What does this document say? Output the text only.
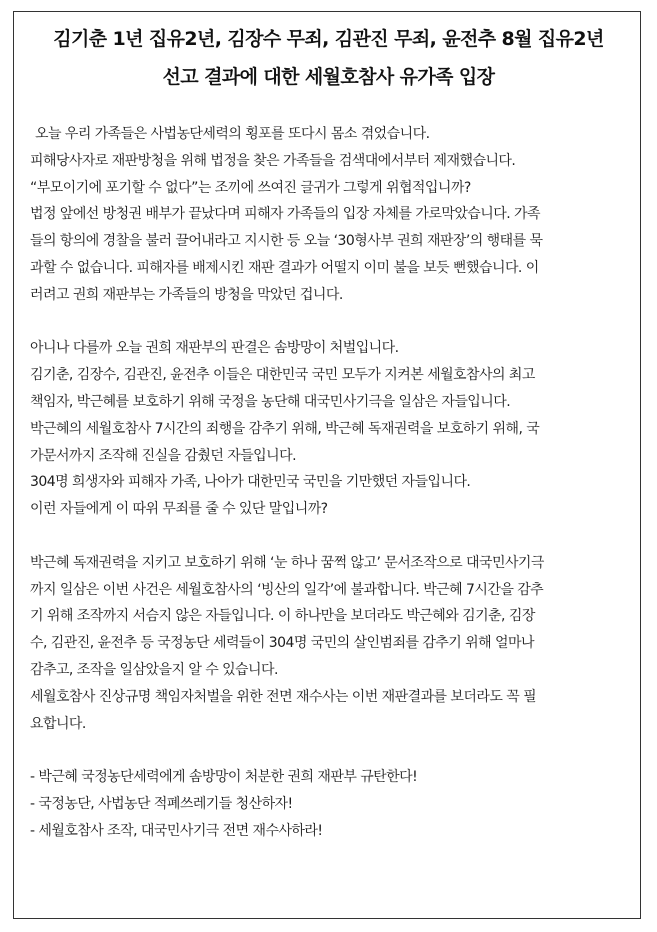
김기춘 1년 집유2년, 김장수 무죄, 김관진 무죄, 윤전추 8월 집유2년
선고 결과에 대한 세월호참사 유가족 입장
오늘 우리 가족들은 사법농단세력의 횡포를 또다시 몸소 겪었습니다.
피해당사자로 재판방청을 위해 법정을 찾은 가족들을 검색대에서부터 제재했습니다.
“부모이기에 포기할 수 없다”는 조끼에 쓰여진 글귀가 그렇게 위협적입니까?
법정 앞에선 방청권 배부가 끝났다며 피해자 가족들의 입장 자체를 가로막았습니다. 가족
들의 항의에 경찰을 불러 끌어내라고 지시한 등 오늘 ‘30형사부 권희 재판장’의 행태를 묵
과할 수 없습니다. 피해자를 배제시킨 재판 결과가 어떨지 이미 불을 보듯 뻔했습니다. 이
러려고 권희 재판부는 가족들의 방청을 막았던 겁니다.
아니나 다를까 오늘 권희 재판부의 판결은 솜방망이 처벌입니다.
김기춘, 김장수, 김관진, 윤전추 이들은 대한민국 국민 모두가 지켜본 세월호참사의 최고
책임자, 박근혜를 보호하기 위해 국정을 농단해 대국민사기극을 일삼은 자들입니다.
박근혜의 세월호참사 7시간의 죄행을 감추기 위해, 박근혜 독재권력을 보호하기 위해, 국
가문서까지 조작해 진실을 감췄던 자들입니다.
304명 희생자와 피해자 가족, 나아가 대한민국 국민을 기만했던 자들입니다.
이런 자들에게 이 따위 무죄를 줄 수 있단 말입니까?
박근혜 독재권력을 지키고 보호하기 위해 ‘눈 하나 꿈쩍 않고’ 문서조작으로 대국민사기극
까지 일삼은 이번 사건은 세월호참사의 ‘빙산의 일각’에 불과합니다. 박근혜 7시간을 감추
기 위해 조작까지 서슴지 않은 자들입니다. 이 하나만을 보더라도 박근혜와 김기춘, 김장
수, 김관진, 윤전추 등 국정농단 세력들이 304명 국민의 살인범죄를 감추기 위해 얼마나
감추고, 조작을 일삼았을지 알 수 있습니다.
세월호참사 진상규명 책임자처벌을 위한 전면 재수사는 이번 재판결과를 보더라도 꼭 필
요합니다.
- 박근혜 국정농단세력에게 솜방망이 처분한 권희 재판부 규탄한다!
- 국정농단, 사법농단 적폐쓰레기들 청산하자!
- 세월호참사 조작, 대국민사기극 전면 재수사하라!
